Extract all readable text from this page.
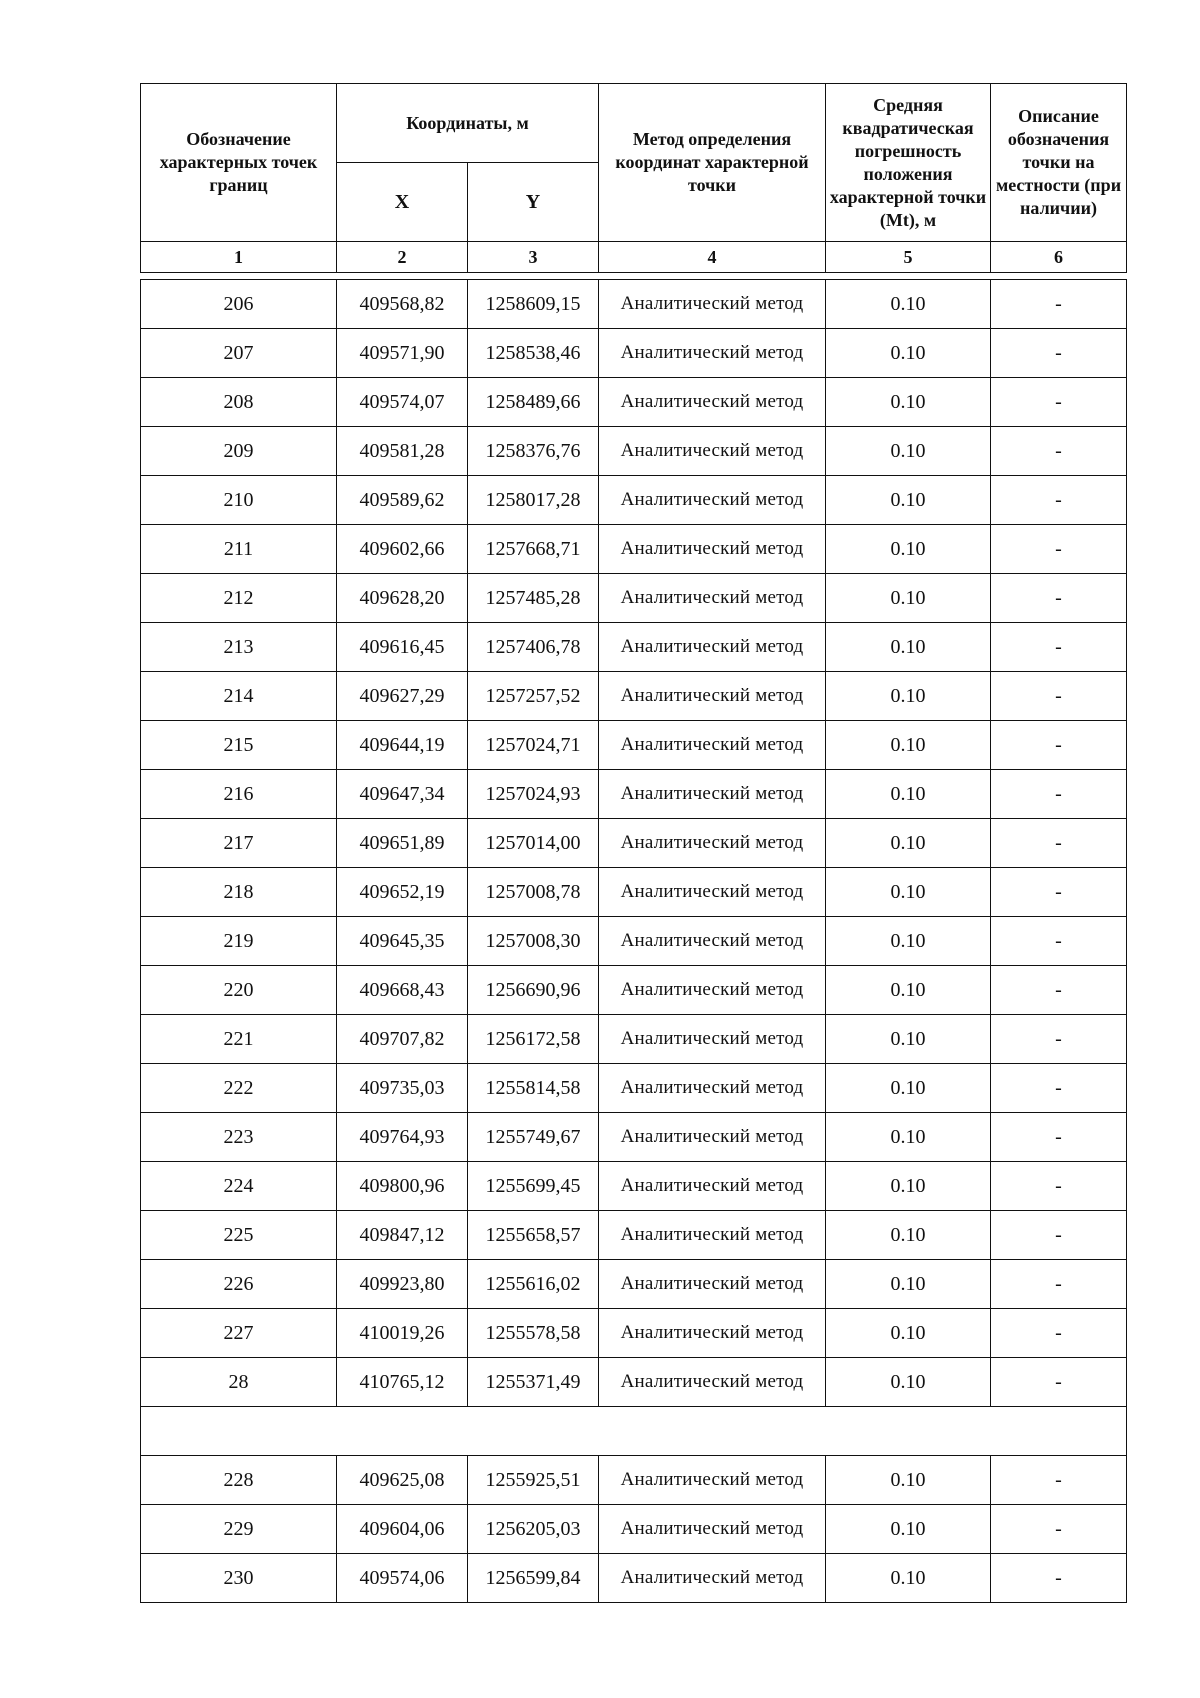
Обозначение характерных точек границ	Координаты, м		Метод определения координат характерной точки	Средняя квадратическая погрешность положения характерной точки (Mt), м	Описание обозначения точки на местности (при наличии)
	X	Y			
1	2	3	4	5	6

206	409568,82	1258609,15	Аналитический метод	0.10	-
207	409571,90	1258538,46	Аналитический метод	0.10	-
208	409574,07	1258489,66	Аналитический метод	0.10	-
209	409581,28	1258376,76	Аналитический метод	0.10	-
210	409589,62	1258017,28	Аналитический метод	0.10	-
211	409602,66	1257668,71	Аналитический метод	0.10	-
212	409628,20	1257485,28	Аналитический метод	0.10	-
213	409616,45	1257406,78	Аналитический метод	0.10	-
214	409627,29	1257257,52	Аналитический метод	0.10	-
215	409644,19	1257024,71	Аналитический метод	0.10	-
216	409647,34	1257024,93	Аналитический метод	0.10	-
217	409651,89	1257014,00	Аналитический метод	0.10	-
218	409652,19	1257008,78	Аналитический метод	0.10	-
219	409645,35	1257008,30	Аналитический метод	0.10	-
220	409668,43	1256690,96	Аналитический метод	0.10	-
221	409707,82	1256172,58	Аналитический метод	0.10	-
222	409735,03	1255814,58	Аналитический метод	0.10	-
223	409764,93	1255749,67	Аналитический метод	0.10	-
224	409800,96	1255699,45	Аналитический метод	0.10	-
225	409847,12	1255658,57	Аналитический метод	0.10	-
226	409923,80	1255616,02	Аналитический метод	0.10	-
227	410019,26	1255578,58	Аналитический метод	0.10	-
28	410765,12	1255371,49	Аналитический метод	0.10	-

228	409625,08	1255925,51	Аналитический метод	0.10	-
229	409604,06	1256205,03	Аналитический метод	0.10	-
230	409574,06	1256599,84	Аналитический метод	0.10	-
